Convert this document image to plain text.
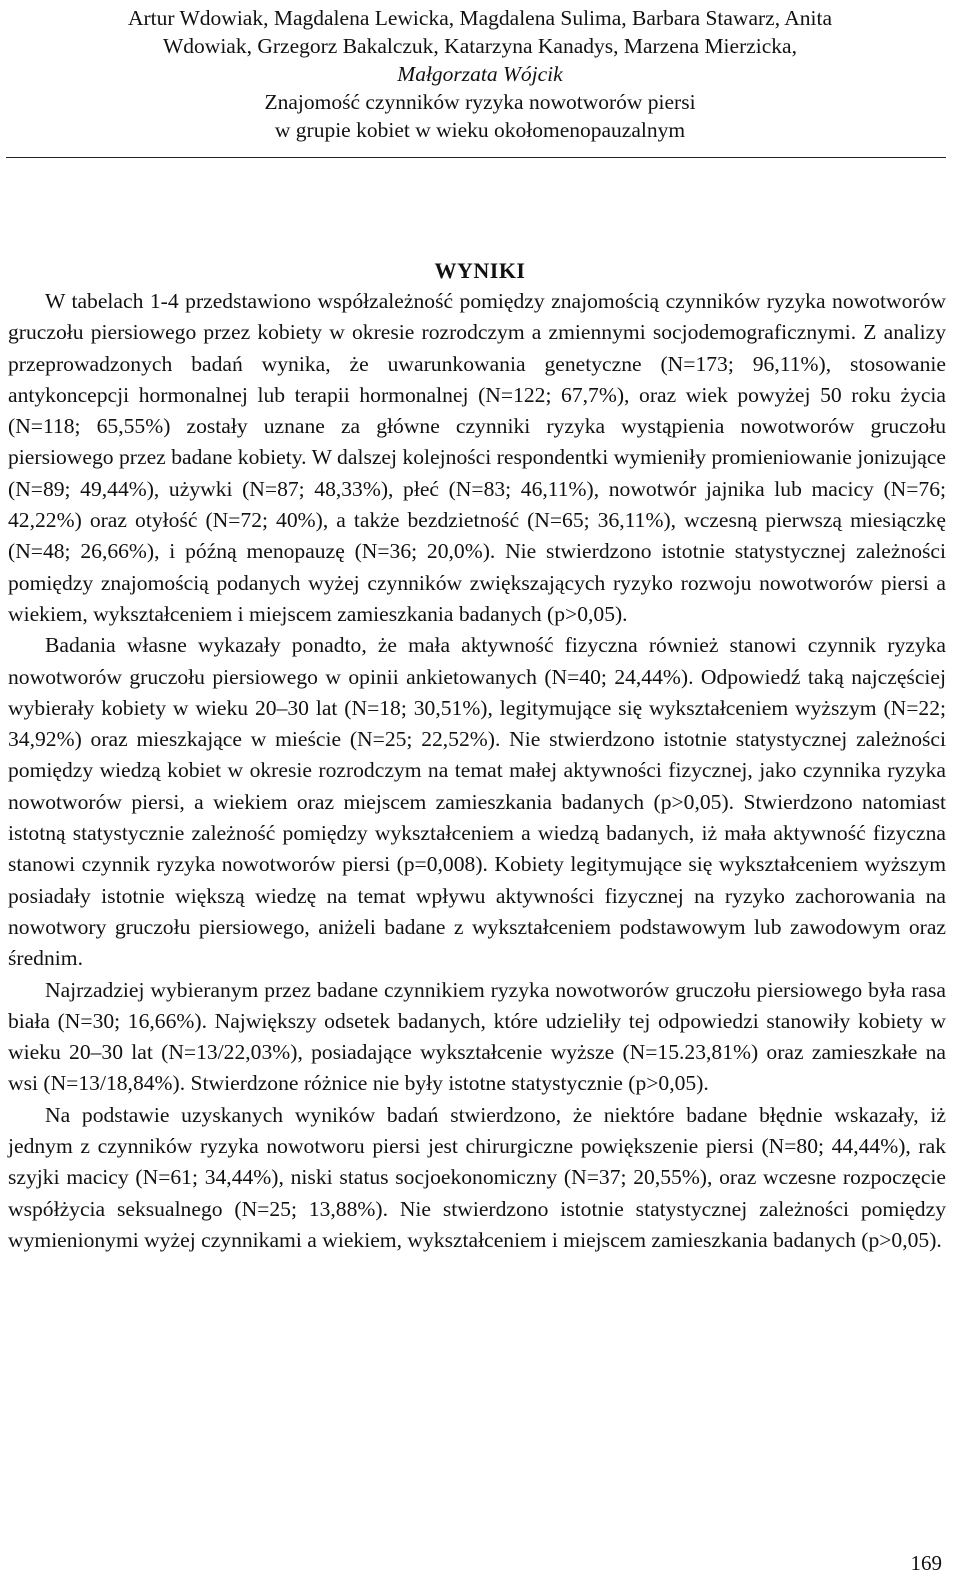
Artur Wdowiak, Magdalena Lewicka, Magdalena Sulima, Barbara Stawarz, Anita
Wdowiak, Grzegorz Bakalczuk, Katarzyna Kanadys, Marzena Mierzicka,
Małgorzata Wójcik
Znajomość czynników ryzyka nowotworów piersi
w grupie kobiet w wieku okołomenopauzalnym
WYNIKI

W tabelach 1-4 przedstawiono współzależność pomiędzy znajomością czynników ryzyka nowotworów gruczołu piersiowego przez kobiety w okresie rozrodczym a zmiennymi socjodemograficznymi. Z analizy przeprowadzonych badań wynika, że uwarunkowania genetyczne (N=173; 96,11%), stosowanie antykoncepcji hormonalnej lub terapii hormonalnej (N=122; 67,7%), oraz wiek powyżej 50 roku życia (N=118; 65,55%) zostały uznane za główne czynniki ryzyka wystąpienia nowotworów gruczołu piersiowego przez badane kobiety. W dalszej kolejności respondentki wymieniły promieniowanie jonizujące (N=89; 49,44%), używki (N=87; 48,33%), płeć (N=83; 46,11%), nowotwór jajnika lub macicy (N=76; 42,22%) oraz otyłość (N=72; 40%), a także bezdzietność (N=65; 36,11%), wczesną pierwszą miesiączkę (N=48; 26,66%), i późną menopauzę (N=36; 20,0%). Nie stwierdzono istotnie statystycznej zależności pomiędzy znajomością podanych wyżej czynników zwiększających ryzyko rozwoju nowotworów piersi a wiekiem, wykształceniem i miejscem zamieszkania badanych (p>0,05).

Badania własne wykazały ponadto, że mała aktywność fizyczna również stanowi czynnik ryzyka nowotworów gruczołu piersiowego w opinii ankietowanych (N=40; 24,44%). Odpowiedź taką najczęściej wybierały kobiety w wieku 20–30 lat (N=18; 30,51%), legitymujące się wykształceniem wyższym (N=22; 34,92%) oraz mieszkające w mieście (N=25; 22,52%). Nie stwierdzono istotnie statystycznej zależności pomiędzy wiedzą kobiet w okresie rozrodczym na temat małej aktywności fizycznej, jako czynnika ryzyka nowotworów piersi, a wiekiem oraz miejscem zamieszkania badanych (p>0,05). Stwierdzono natomiast istotną statystycznie zależność pomiędzy wykształceniem a wiedzą badanych, iż mała aktywność fizyczna stanowi czynnik ryzyka nowotworów piersi (p=0,008). Kobiety legitymujące się wykształceniem wyższym posiadały istotnie większą wiedzę na temat wpływu aktywności fizycznej na ryzyko zachorowania na nowotwory gruczołu piersiowego, aniżeli badane z wykształceniem podstawowym lub zawodowym oraz średnim.

Najrzadziej wybieranym przez badane czynnikiem ryzyka nowotworów gruczołu piersiowego była rasa biała (N=30; 16,66%). Największy odsetek badanych, które udzieliły tej odpowiedzi stanowiły kobiety w wieku 20–30 lat (N=13/22,03%), posiadające wykształcenie wyższe (N=15.23,81%) oraz zamieszkałe na wsi (N=13/18,84%). Stwierdzone różnice nie były istotne statystycznie (p>0,05).

Na podstawie uzyskanych wyników badań stwierdzono, że niektóre badane błędnie wskazały, iż jednym z czynników ryzyka nowotworu piersi jest chirurgiczne powiększenie piersi (N=80; 44,44%), rak szyjki macicy (N=61; 34,44%), niski status socjoekonomiczny (N=37; 20,55%), oraz wczesne rozpoczęcie współżycia seksualnego (N=25; 13,88%). Nie stwierdzono istotnie statystycznej zależności pomiędzy wymienionymi wyżej czynnikami a wiekiem, wykształceniem i miejscem zamieszkania badanych (p>0,05).

169
